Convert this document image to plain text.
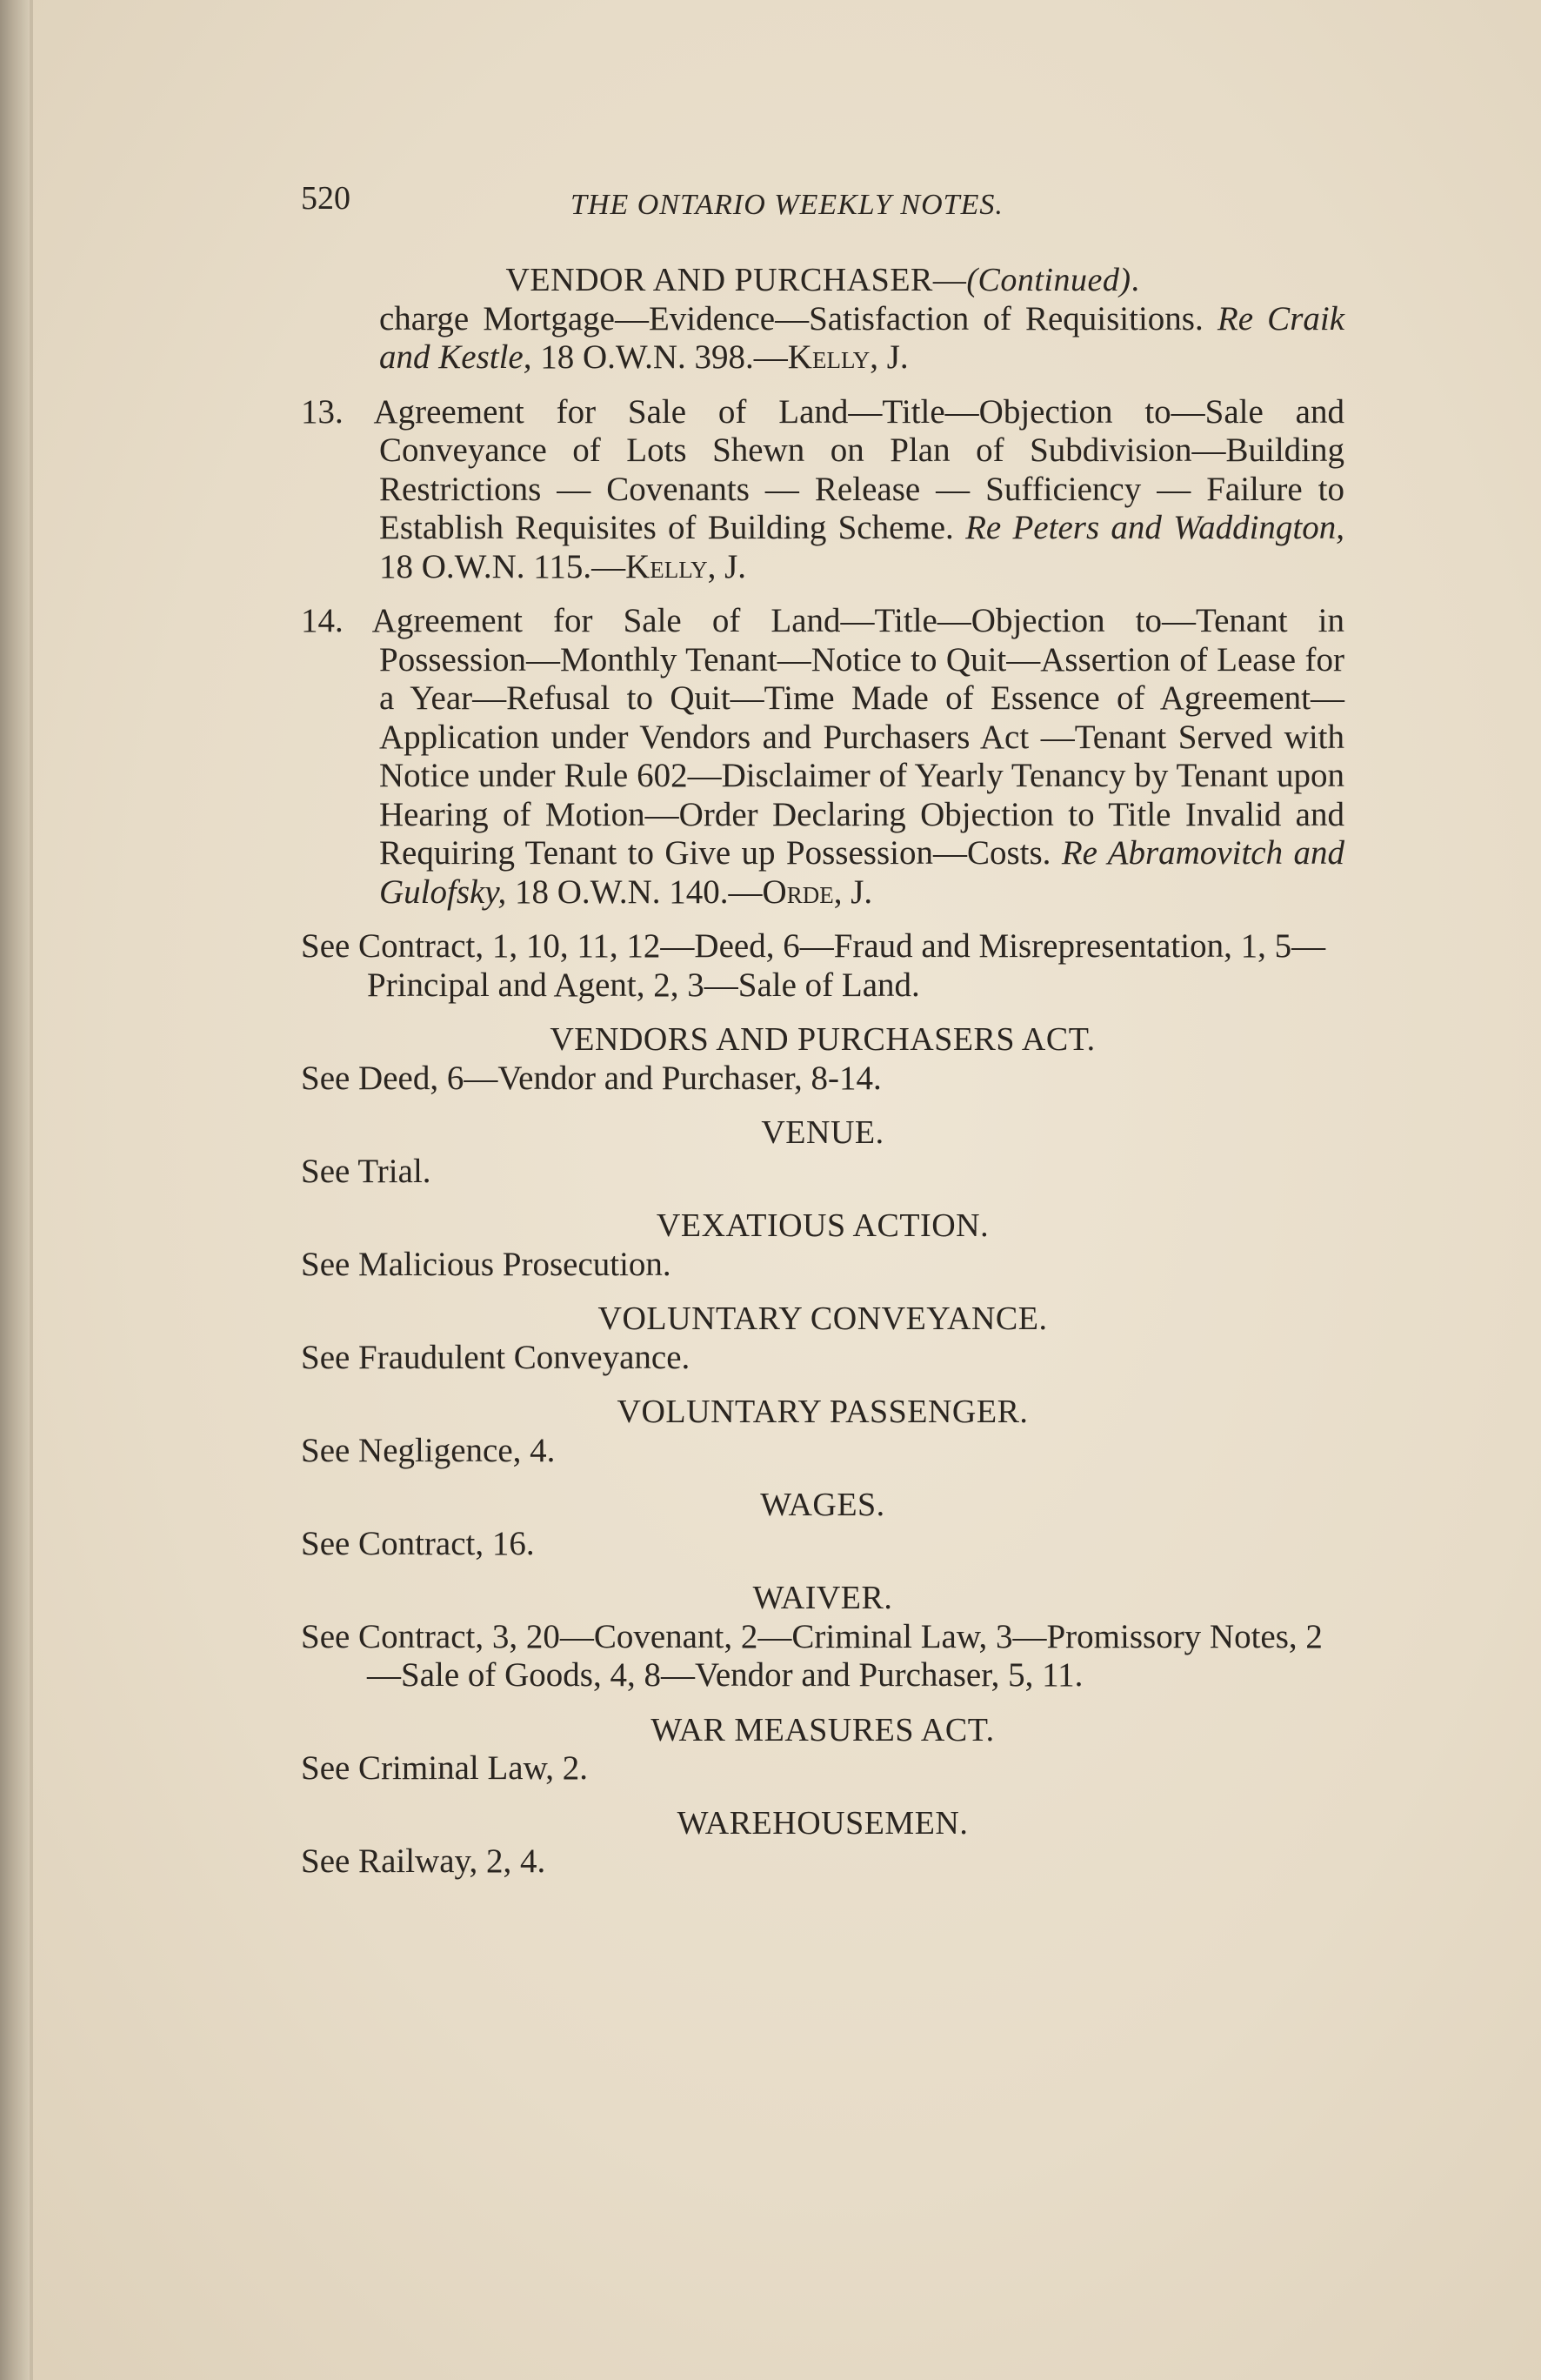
520	THE ONTARIO WEEKLY NOTES.
VENDOR AND PURCHASER—(Continued).
charge Mortgage—Evidence—Satisfaction of Requisitions. Re Craik and Kestle, 18 O.W.N. 398.—Kelly, J.
13. Agreement for Sale of Land—Title—Objection to—Sale and Conveyance of Lots Shewn on Plan of Subdivision—Building Restrictions — Covenants — Release — Sufficiency — Failure to Establish Requisites of Building Scheme. Re Peters and Waddington, 18 O.W.N. 115.—Kelly, J.
14. Agreement for Sale of Land—Title—Objection to—Tenant in Possession—Monthly Tenant—Notice to Quit—Assertion of Lease for a Year—Refusal to Quit—Time Made of Essence of Agreement—Application under Vendors and Purchasers Act —Tenant Served with Notice under Rule 602—Disclaimer of Yearly Tenancy by Tenant upon Hearing of Motion—Order Declaring Objection to Title Invalid and Requiring Tenant to Give up Possession—Costs. Re Abramovitch and Gulofsky, 18 O.W.N. 140.—Orde, J.
See Contract, 1, 10, 11, 12—Deed, 6—Fraud and Misrepresentation, 1, 5—Principal and Agent, 2, 3—Sale of Land.
VENDORS AND PURCHASERS ACT.
See Deed, 6—Vendor and Purchaser, 8-14.
VENUE.
See Trial.
VEXATIOUS ACTION.
See Malicious Prosecution.
VOLUNTARY CONVEYANCE.
See Fraudulent Conveyance.
VOLUNTARY PASSENGER.
See Negligence, 4.
WAGES.
See Contract, 16.
WAIVER.
See Contract, 3, 20—Covenant, 2—Criminal Law, 3—Promissory Notes, 2—Sale of Goods, 4, 8—Vendor and Purchaser, 5, 11.
WAR MEASURES ACT.
See Criminal Law, 2.
WAREHOUSEMEN.
See Railway, 2, 4.
